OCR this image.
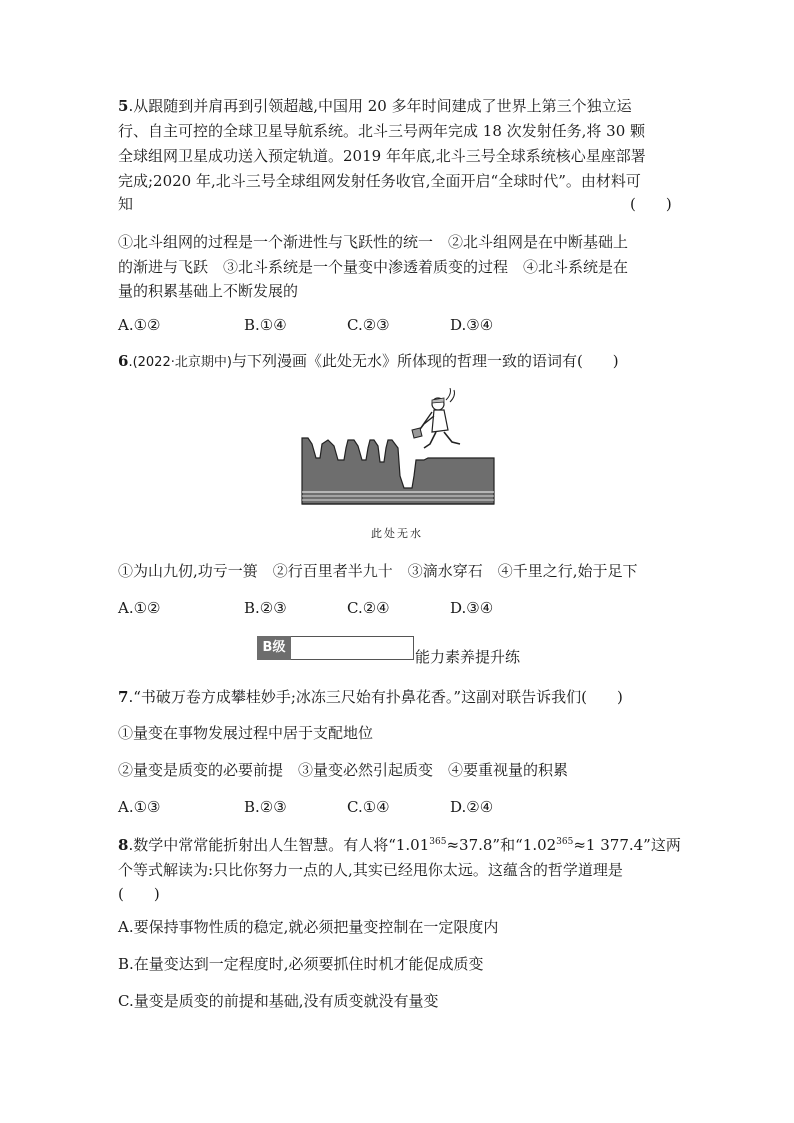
5.从跟随到并肩再到引领超越,中国用 20 多年时间建成了世界上第三个独立运
行、自主可控的全球卫星导航系统。北斗三号两年完成 18 次发射任务,将 30 颗
全球组网卫星成功送入预定轨道。2019 年年底,北斗三号全球系统核心星座部署
完成;2020 年,北斗三号全球组网发射任务收官,全面开启“全球时代”。由材料可
知	(　　)
①北斗组网的过程是一个渐进性与飞跃性的统一　②北斗组网是在中断基础上
的渐进与飞跃　③北斗系统是一个量变中渗透着质变的过程　④北斗系统是在
量的积累基础上不断发展的
A.①②	B.①④	C.②③	D.③④
6.(2022·北京期中)与下列漫画《此处无水》所体现的哲理一致的语词有(　　)
此处无水
①为山九仞,功亏一篑　②行百里者半九十　③滴水穿石　④千里之行,始于足下
A.①②	B.②③	C.②④	D.③④
B级
能力素养提升练
7.“书破万卷方成攀桂妙手;冰冻三尺始有扑鼻花香。”这副对联告诉我们(　　)
①量变在事物发展过程中居于支配地位
②量变是质变的必要前提　③量变必然引起质变　④要重视量的积累
A.①③	B.②③	C.①④	D.②④
8.数学中常常能折射出人生智慧。有人将“$1.01^{365}\approx 37.8$”和“$1.02^{365}\approx 1$ 377.4”这两
个等式解读为:只比你努力一点的人,其实已经甩你太远。这蕴含的哲学道理是
(　　)
A.要保持事物性质的稳定,就必须把量变控制在一定限度内
B.在量变达到一定程度时,必须要抓住时机才能促成质变
C.量变是质变的前提和基础,没有质变就没有量变
